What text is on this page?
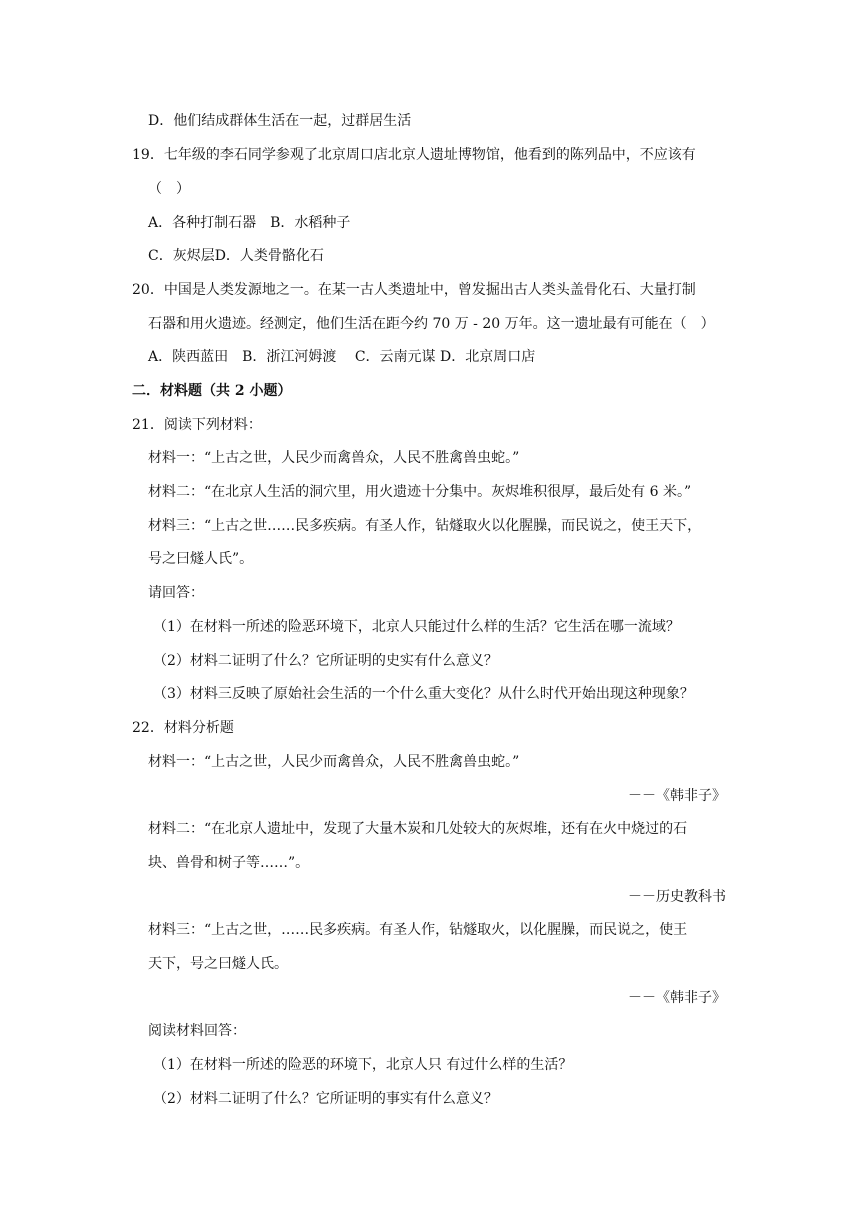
D．他们结成群体生活在一起，过群居生活
19．七年级的李石同学参观了北京周口店北京人遗址博物馆，他看到的陈列品中，不应该有
（　）
A．各种打制石器　B．水稻种子
C．灰烬层D．人类骨骼化石
20．中国是人类发源地之一。在某一古人类遗址中，曾发掘出古人类头盖骨化石、大量打制
石器和用火遗迹。经测定，他们生活在距今约 70 万 - 20 万年。这一遗址最有可能在（　）
A．陕西蓝田　B．浙江河姆渡　 C．云南元谋 D．北京周口店
二．材料题（共 2 小题）
21．阅读下列材料：
材料一：“上古之世，人民少而禽兽众，人民不胜禽兽虫蛇。”
材料二：“在北京人生活的洞穴里，用火遗迹十分集中。灰烬堆积很厚，最后处有 6 米。”
材料三：“上古之世……民多疾病。有圣人作，钻燧取火以化腥臊，而民说之，使王天下，
号之曰燧人氏”。
请回答：
（1）在材料一所述的险恶环境下，北京人只能过什么样的生活？它生活在哪一流域？
（2）材料二证明了什么？它所证明的史实有什么意义？
（3）材料三反映了原始社会生活的一个什么重大变化？从什么时代开始出现这种现象？
22．材料分析题
材料一：“上古之世，人民少而禽兽众，人民不胜禽兽虫蛇。”
－－《韩非子》
材料二：“在北京人遗址中，发现了大量木炭和几处较大的灰烬堆，还有在火中烧过的石
块、兽骨和树子等……”。
－－历史教科书
材料三：“上古之世，……民多疾病。有圣人作，钻燧取火，以化腥臊，而民说之，使王
天下，号之曰燧人氏。
－－《韩非子》
阅读材料回答：
（1）在材料一所述的险恶的环境下，北京人只 有过什么样的生活？
（2）材料二证明了什么？它所证明的事实有什么意义？
